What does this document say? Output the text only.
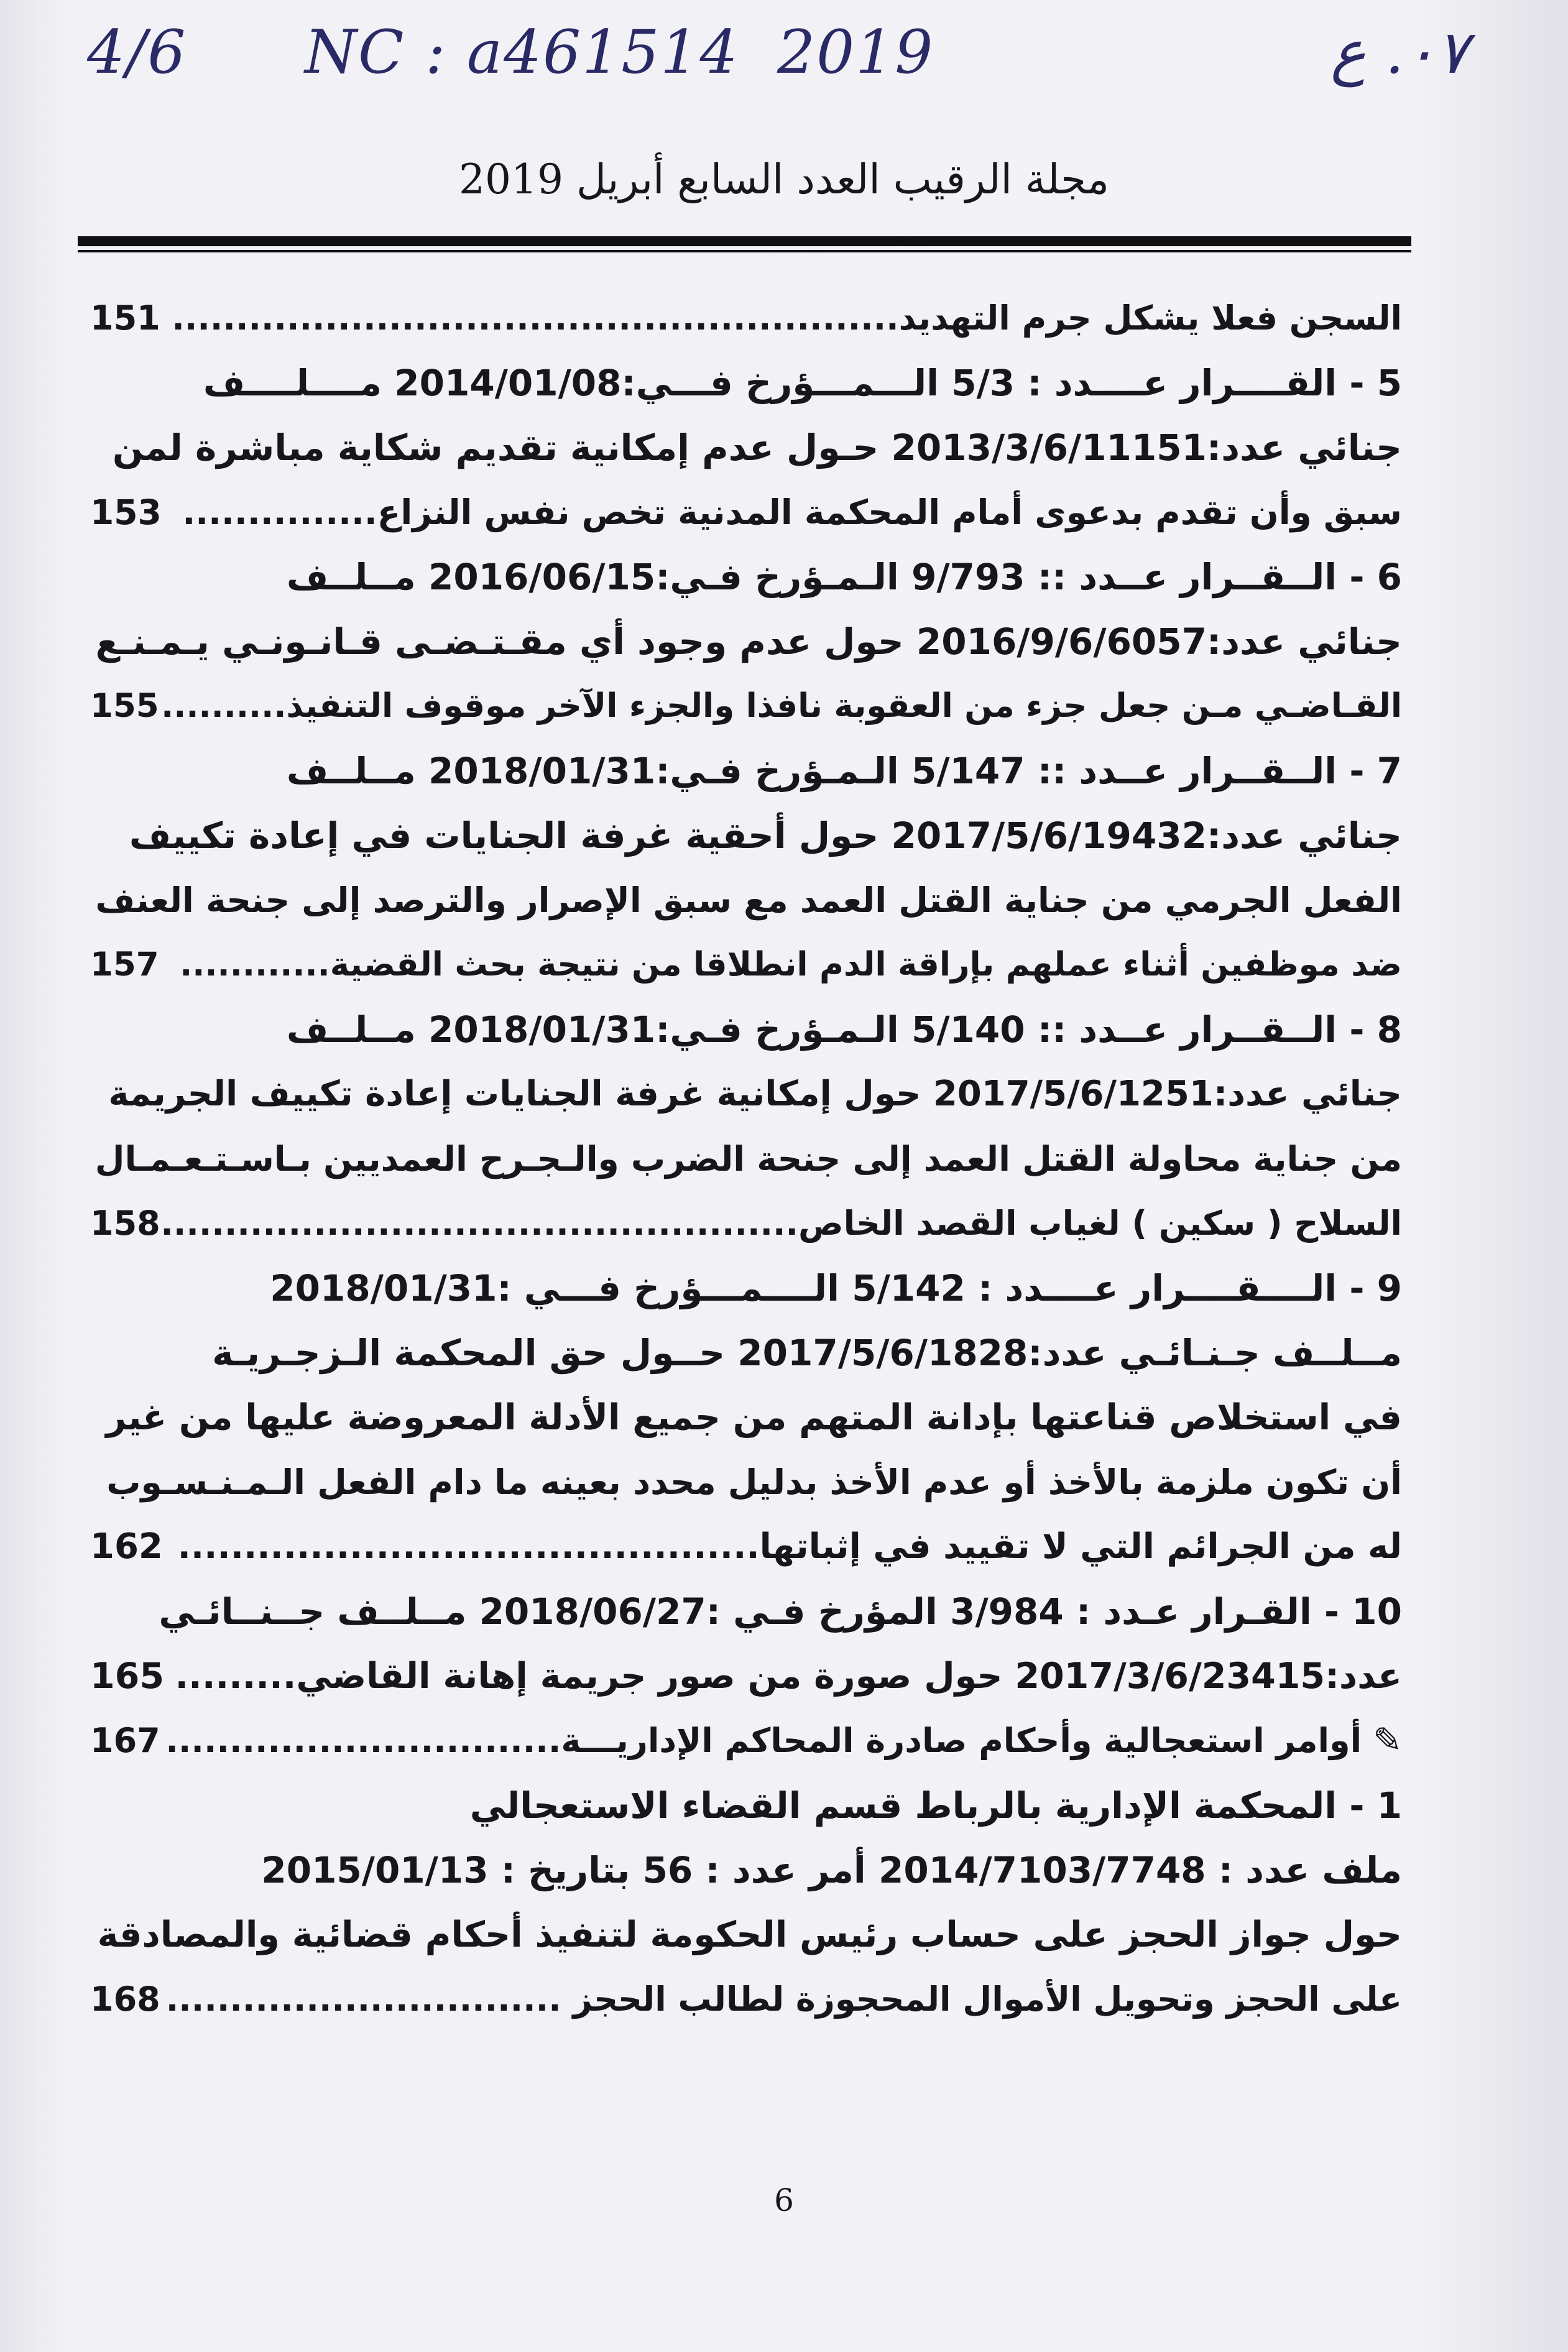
4/6 NC : a461514 2019	٠٧. ع
مجلة الرقيب العدد السابع أبريل 2019
السجن فعلا يشكل جرم التهديد.........................................................
151
5 - القــــرار عــــدد : 5/3 الـــمـــؤرخ فـــي:2014/01/08 مــــلــــف
جنائي عدد:2013/3/6/11151 حـول عدم إمكانية تقديم شكاية مباشرة لمن
سبق وأن تقدم بدعوى أمام المحكمة المدنية تخص نفس النزاع...............
153
6 - الــقــرار عــدد :: 9/793 الـمـؤرخ فـي:2016/06/15 مــلــف
جنائي عدد:2016/9/6/6057 حول عدم وجود أي مقـتـضـى قـانـونـي يـمـنـع
القـاضـي مـن جعل جزء من العقوبة نافذا والجزء الآخر موقوف التنفيذ..........
155
7 - الــقــرار عــدد :: 5/147 الـمـؤرخ فـي:2018/01/31 مــلــف
جنائي عدد:2017/5/6/19432 حول أحقية غرفة الجنايات في إعادة تكييف
الفعل الجرمي من جناية القتل العمد مع سبق الإصرار والترصد إلى جنحة العنف
ضد موظفين أثناء عملهم بإراقة الدم انطلاقا من نتيجة بحث القضية............
157
8 - الــقــرار عــدد :: 5/140 الـمـؤرخ فـي:2018/01/31 مــلــف
جنائي عدد:2017/5/6/1251 حول إمكانية غرفة الجنايات إعادة تكييف الجريمة
من جناية محاولة القتل العمد إلى جنحة الضرب والـجـرح العمديين بـاسـتـعـمـال
السلاح ( سكين ) لغياب القصد الخاص..................................................
158
9 - الــــقــــرار عــــدد : 5/142 الــــمـــؤرخ فـــي :2018/01/31
مــلــف جـنـائـي عدد:2017/5/6/1828 حــول حق المحكمة الـزجـريـة
في استخلاص قناعتها بإدانة المتهم من جميع الأدلة المعروضة عليها من غير
أن تكون ملزمة بالأخذ أو عدم الأخذ بدليل محدد بعينه ما دام الفعل الـمـنـسـوب
له من الجرائم التي لا تقييد في إثباتها............................................
162
10 - القـرار عـدد : 3/984 المؤرخ فـي :2018/06/27 مــلــف جــنــائـي
عدد:2017/3/6/23415 حول صورة من صور جريمة إهانة القاضي.........
165
✎أوامر استعجالية وأحكام صادرة المحاكم الإداريـــة...............................
167
1 - المحكمة الإدارية بالرباط قسم القضاء الاستعجالي
ملف عدد : 2014/7103/7748 أمر عدد : 56 بتاريخ : 2015/01/13
حول جواز الحجز على حساب رئيس الحكومة لتنفيذ أحكام قضائية والمصادقة
على الحجز وتحويل الأموال المحجوزة لطالب الحجز ...............................
168
6
